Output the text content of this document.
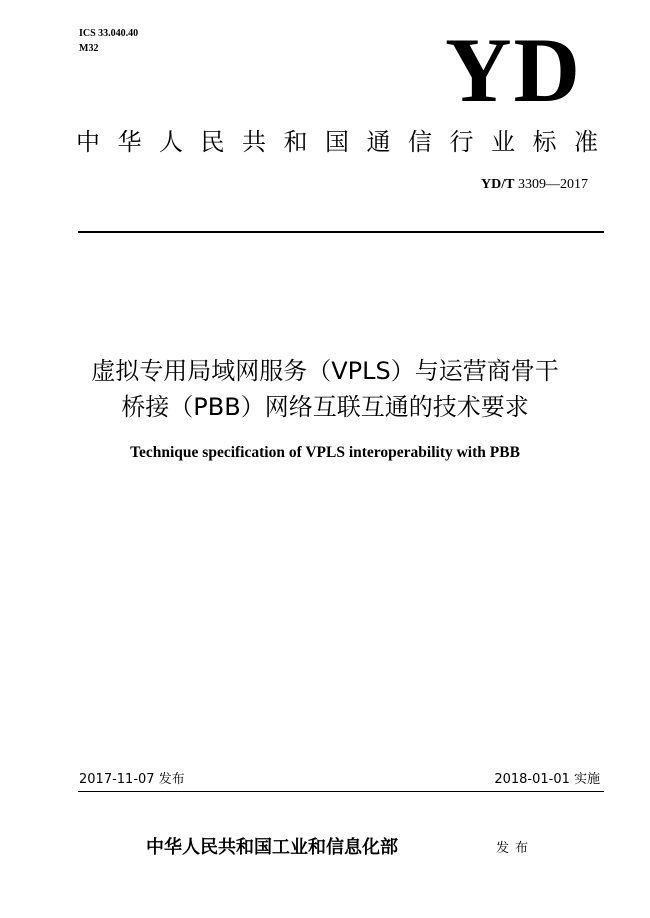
ICS 33.040.40
M32	YD
中华人民共和国通信行业标准
YD/T 3309—2017
虚拟专用局域网服务（VPLS）与运营商骨干
桥接（PBB）网络互联互通的技术要求
Technique specification of VPLS interoperability with PBB
2017-11-07 发布	2018-01-01 实施
中华人民共和国工业和信息化部	发布
